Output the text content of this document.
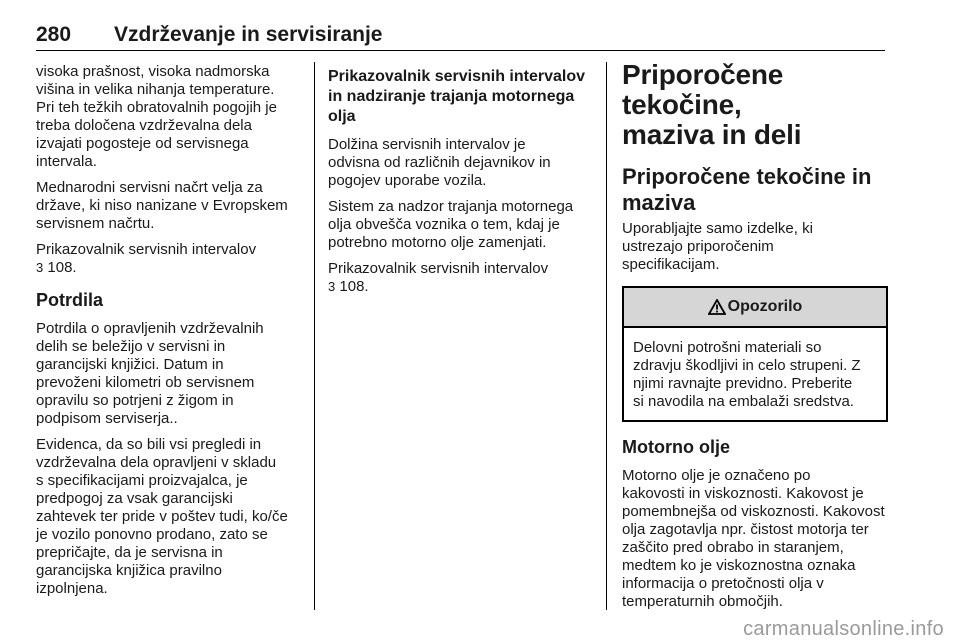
280 Vzdrževanje in servisiranje

visoka prašnost, visoka nadmorska
višina in velika nihanja temperature.
Pri teh težkih obratovalnih pogojih je
treba določena vzdrževalna dela
izvajati pogosteje od servisnega
intervala.

Mednarodni servisni načrt velja za
države, ki niso nanizane v Evropskem
servisnem načrtu.

Prikazovalnik servisnih intervalov
3 108.

Potrdila

Potrdila o opravljenih vzdrževalnih
delih se beležijo v servisni in
garancijski knjižici. Datum in
prevoženi kilometri ob servisnem
opravilu so potrjeni z žigom in
podpisom serviserja..

Evidenca, da so bili vsi pregledi in
vzdrževalna dela opravljeni v skladu
s specifikacijami proizvajalca, je
predpogoj za vsak garancijski
zahtevek ter pride v poštev tudi, ko/če
je vozilo ponovno prodano, zato se
prepričajte, da je servisna in
garancijska knjižica pravilno
izpolnjena.

Prikazovalnik servisnih intervalov
in nadziranje trajanja motornega
olja

Dolžina servisnih intervalov je
odvisna od različnih dejavnikov in
pogojev uporabe vozila.

Sistem za nadzor trajanja motornega
olja obvešča voznika o tem, kdaj je
potrebno motorno olje zamenjati.

Prikazovalnik servisnih intervalov
3 108.

Priporočene tekočine,
maziva in deli
Priporočene tekočine in
maziva

Uporabljajte samo izdelke, ki
ustrezajo priporočenim
specifikacijam.

Opozorilo

Delovni potrošni materiali so
zdravju škodljivi in celo strupeni. Z
njimi ravnajte previdno. Preberite
si navodila na embalaži sredstva.

Motorno olje

Motorno olje je označeno po
kakovosti in viskoznosti. Kakovost je
pomembnejša od viskoznosti. Kakovost
olja zagotavlja npr. čistost motorja ter
zaščito pred obrabo in staranjem,
medtem ko je viskoznostna oznaka
informacija o pretočnosti olja v
temperaturnih območjih.

carmanualsonline.info
